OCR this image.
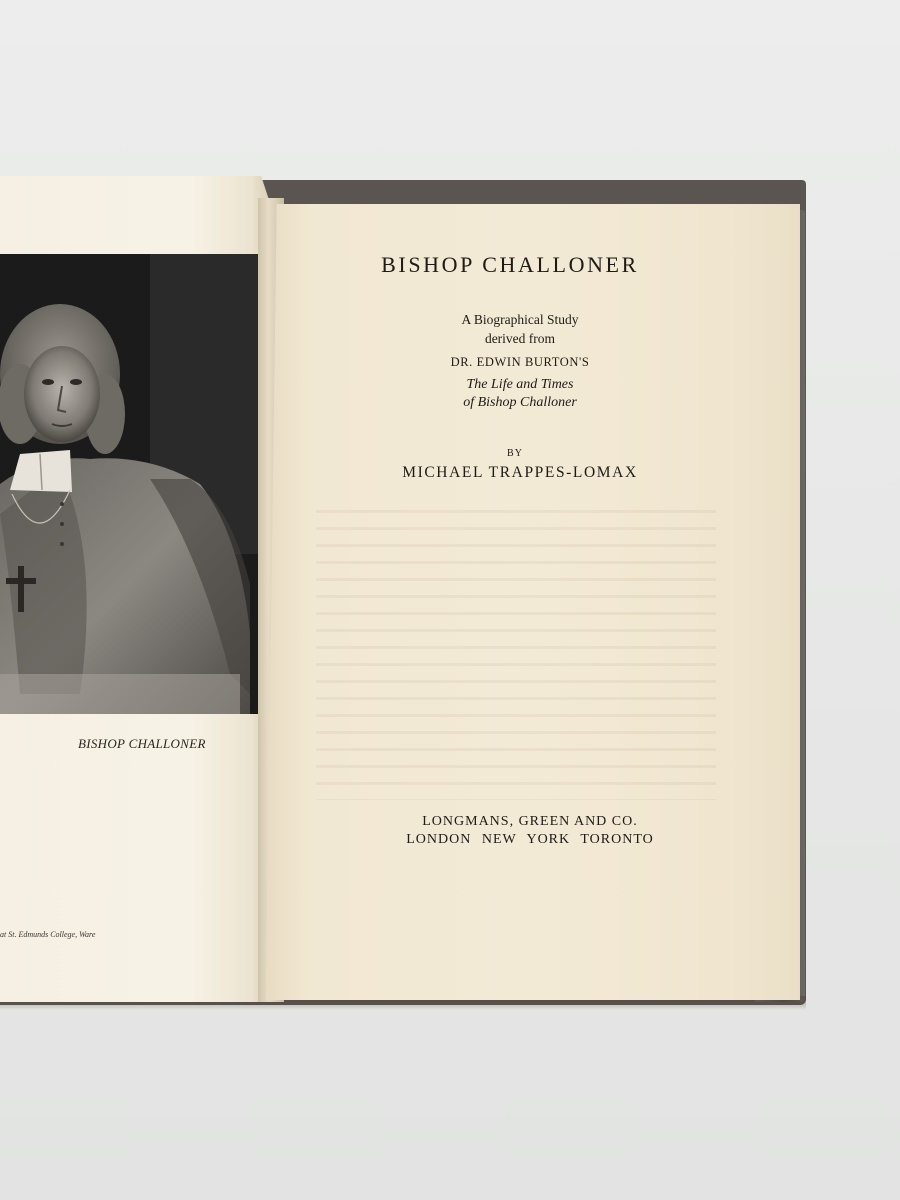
BISHOP CHALLONER
at St. Edmunds College, Ware
BISHOP CHALLONER
A Biographical Study
derived from
DR. EDWIN BURTON'S
The Life and Times
of Bishop Challoner
BY
MICHAEL TRAPPES-LOMAX
LONGMANS, GREEN AND CO.
LONDON NEW YORK TORONTO
